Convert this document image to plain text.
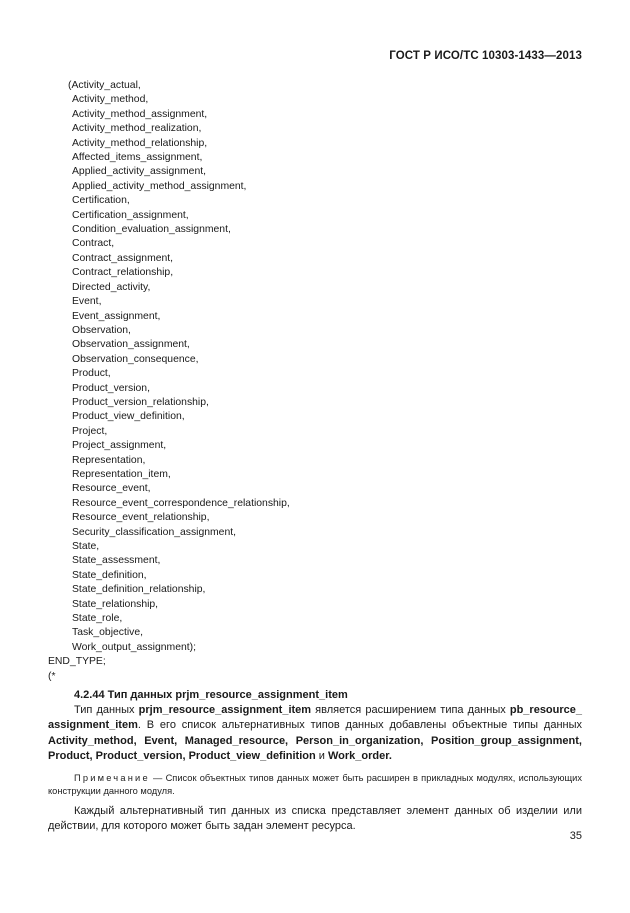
ГОСТ Р ИСО/ТС 10303-1433—2013
(Activity_actual,
Activity_method,
Activity_method_assignment,
Activity_method_realization,
Activity_method_relationship,
Affected_items_assignment,
Applied_activity_assignment,
Applied_activity_method_assignment,
Certification,
Certification_assignment,
Condition_evaluation_assignment,
Contract,
Contract_assignment,
Contract_relationship,
Directed_activity,
Event,
Event_assignment,
Observation,
Observation_assignment,
Observation_consequence,
Product,
Product_version,
Product_version_relationship,
Product_view_definition,
Project,
Project_assignment,
Representation,
Representation_item,
Resource_event,
Resource_event_correspondence_relationship,
Resource_event_relationship,
Security_classification_assignment,
State,
State_assessment,
State_definition,
State_definition_relationship,
State_relationship,
State_role,
Task_objective,
Work_output_assignment);
END_TYPE;
(*
4.2.44 Тип данных prjm_resource_assignment_item

Тип данных prjm_resource_assignment_item является расширением типа данных pb_resource_ assignment_item. В его список альтернативных типов данных добавлены объектные типы данных Activity_method, Event, Managed_resource, Person_in_organization, Position_group_assignment, Product, Product_version, Product_view_definition и Work_order.

Примечание — Список объектных типов данных может быть расширен в прикладных модулях, использующих конструкции данного модуля.

Каждый альтернативный тип данных из списка представляет элемент данных об изделии или действии, для которого может быть задан элемент ресурса.

35
